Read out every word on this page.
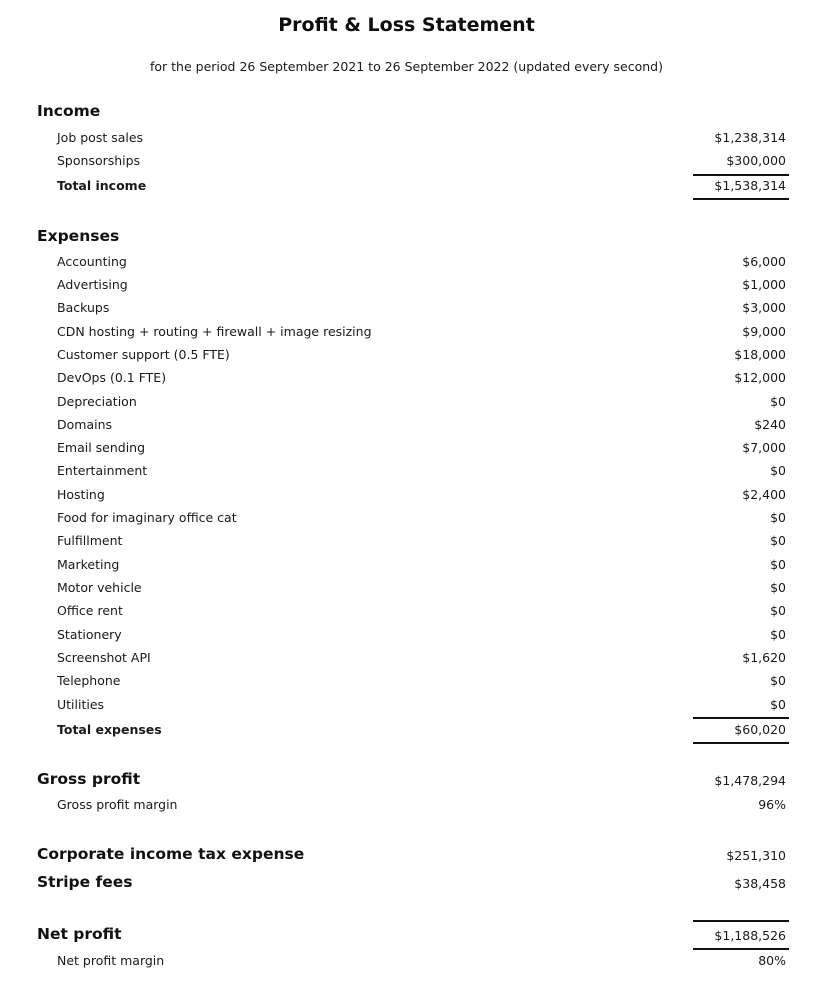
Profit & Loss Statement
for the period 26 September 2021 to 26 September 2022 (updated every second)
Income
Job post sales	$1,238,314
Sponsorships	$300,000
Total income	$1,538,314
Expenses
Accounting	$6,000
Advertising	$1,000
Backups	$3,000
CDN hosting + routing + firewall + image resizing	$9,000
Customer support (0.5 FTE)	$18,000
DevOps (0.1 FTE)	$12,000
Depreciation	$0
Domains	$240
Email sending	$7,000
Entertainment	$0
Hosting	$2,400
Food for imaginary office cat	$0
Fulfillment	$0
Marketing	$0
Motor vehicle	$0
Office rent	$0
Stationery	$0
Screenshot API	$1,620
Telephone	$0
Utilities	$0
Total expenses	$60,020
Gross profit	$1,478,294
Gross profit margin	96%
Corporate income tax expense	$251,310
Stripe fees	$38,458
Net profit	$1,188,526
Net profit margin	80%
